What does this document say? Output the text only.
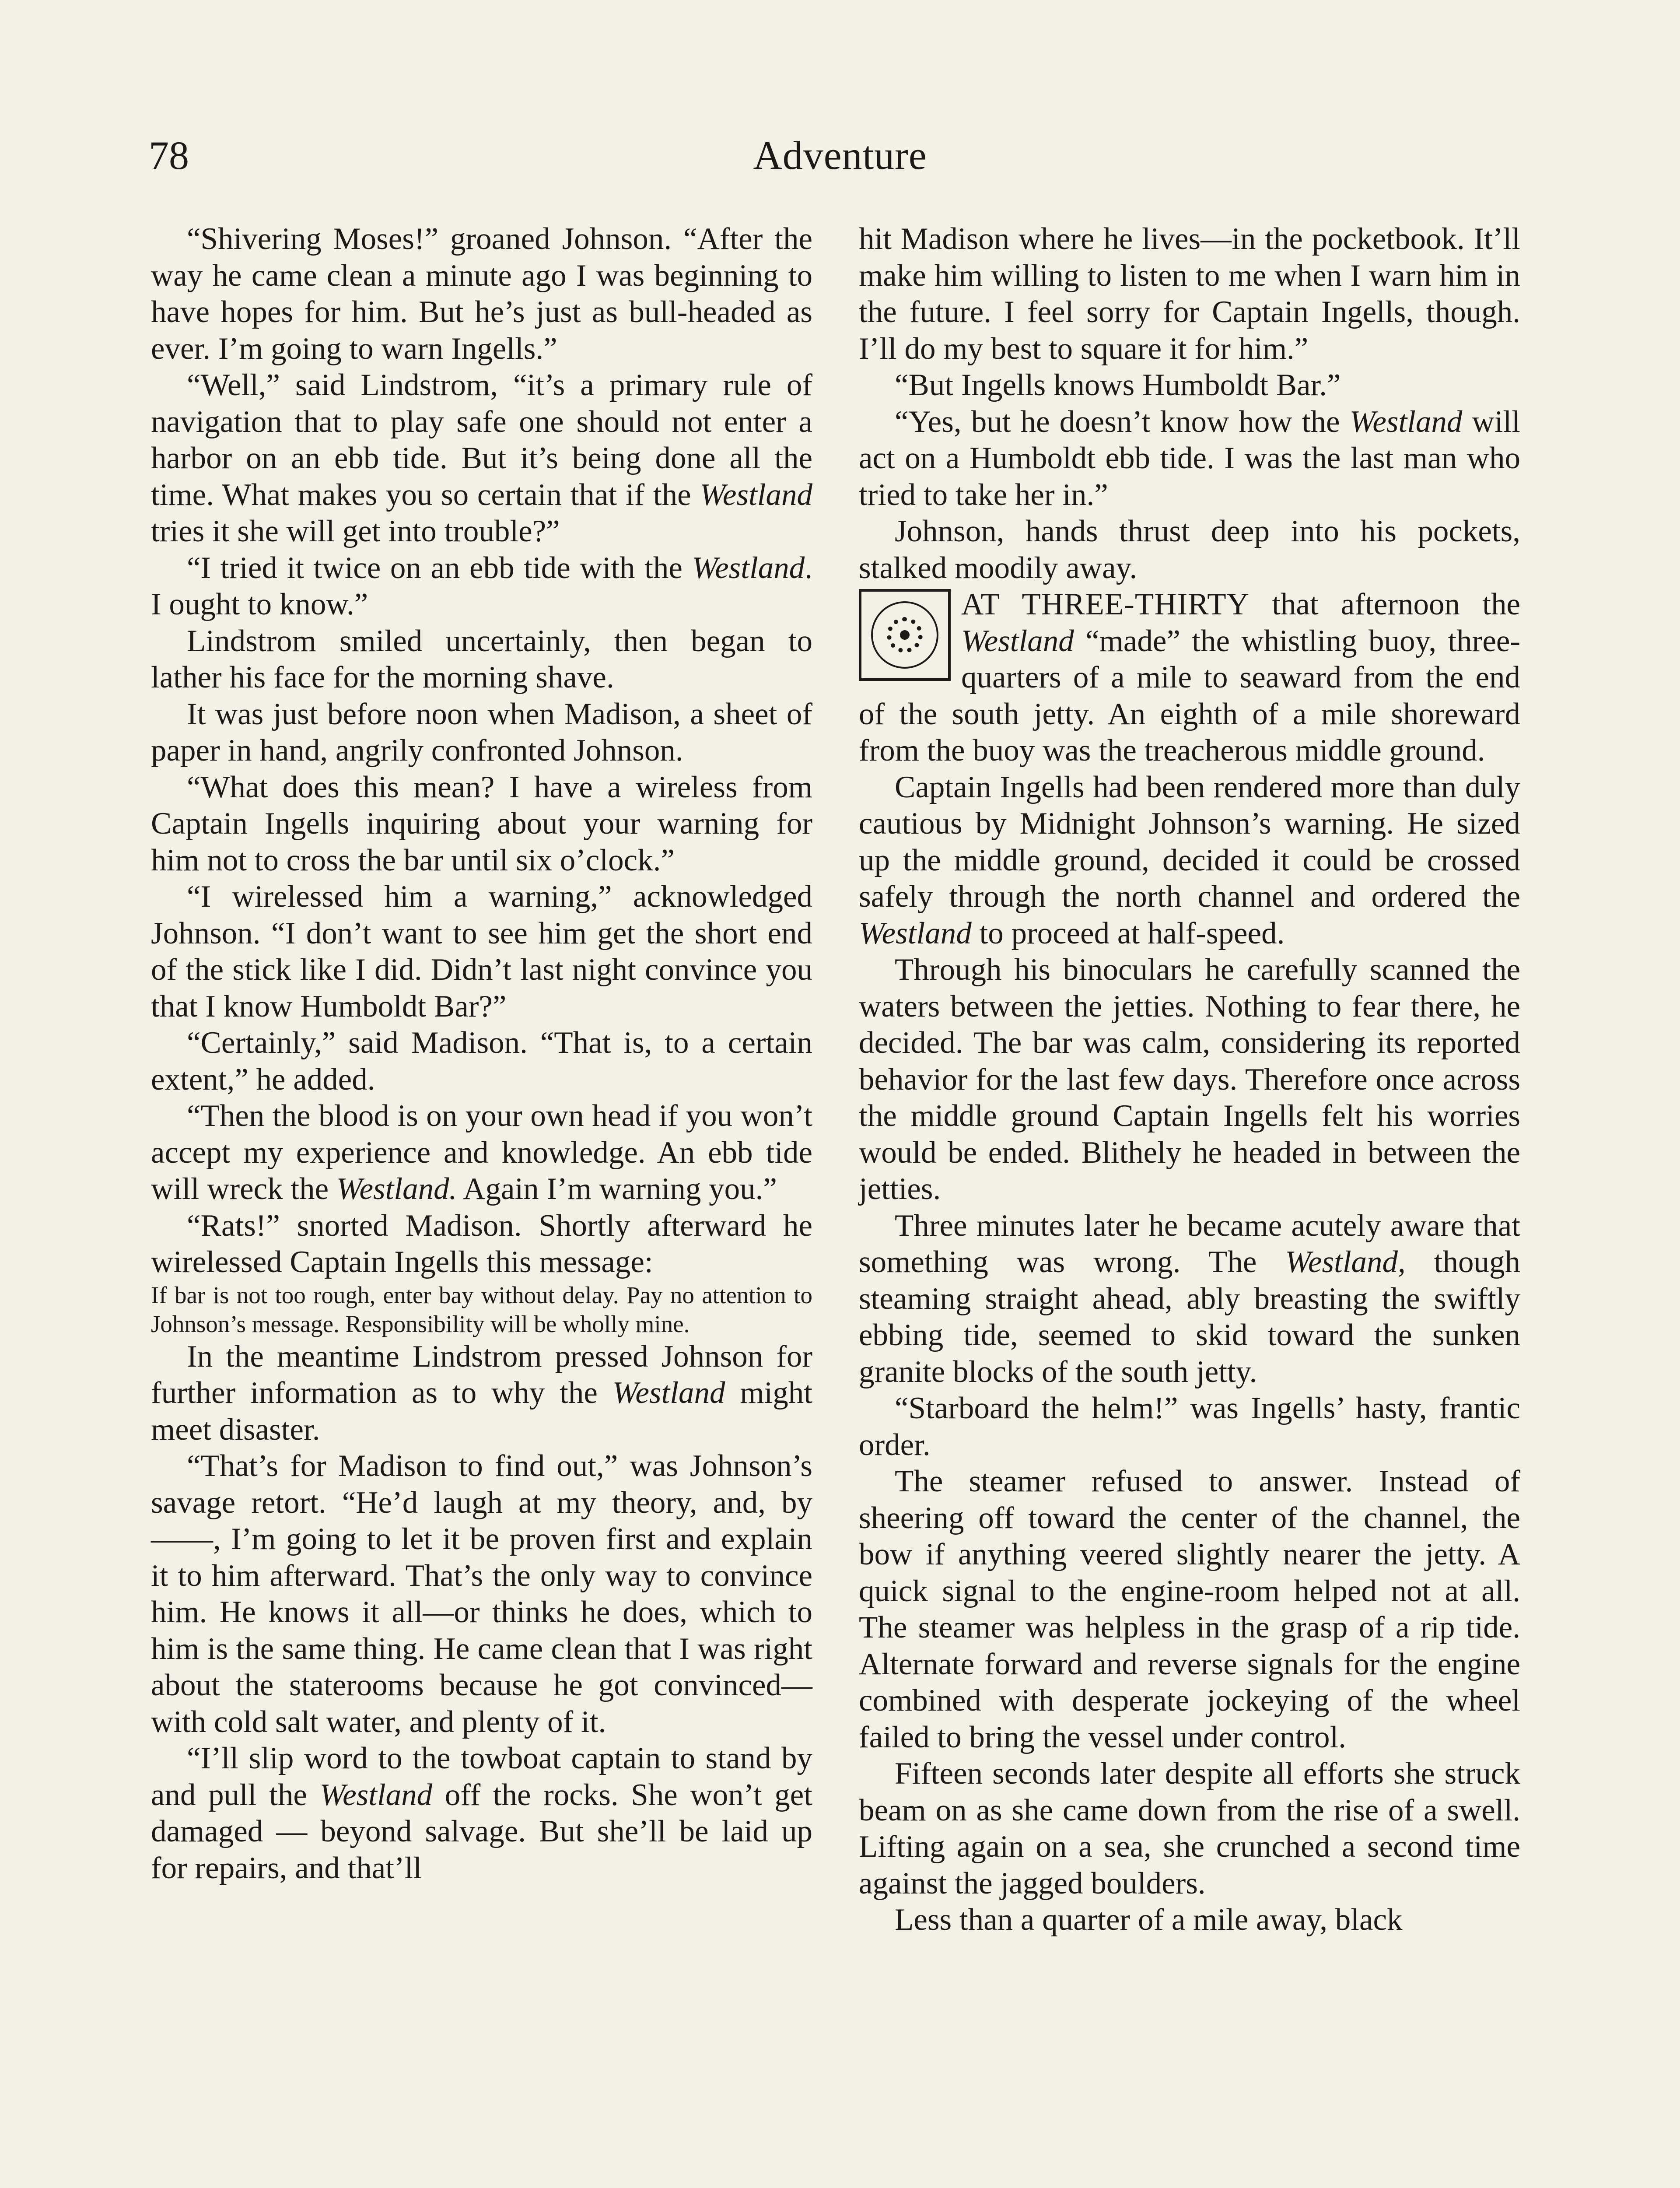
78	Adventure

“Shivering Moses!” groaned Johnson. “After the way he came clean a minute ago I was beginning to have hopes for him. But he’s just as bull-headed as ever. I’m going to warn Ingells.”

“Well,” said Lindstrom, “it’s a primary rule of navigation that to play safe one should not enter a harbor on an ebb tide. But it’s being done all the time. What makes you so certain that if the Westland tries it she will get into trouble?”

“I tried it twice on an ebb tide with the Westland. I ought to know.”

Lindstrom smiled uncertainly, then began to lather his face for the morning shave.

It was just before noon when Madison, a sheet of paper in hand, angrily confronted Johnson.

“What does this mean? I have a wireless from Captain Ingells inquiring about your warning for him not to cross the bar until six o’clock.”

“I wirelessed him a warning,” acknowledged Johnson. “I don’t want to see him get the short end of the stick like I did. Didn’t last night convince you that I know Humboldt Bar?”

“Certainly,” said Madison. “That is, to a certain extent,” he added.

“Then the blood is on your own head if you won’t accept my experience and knowledge. An ebb tide will wreck the Westland. Again I’m warning you.”

“Rats!” snorted Madison. Shortly afterward he wirelessed Captain Ingells this message:

If bar is not too rough, enter bay without delay. Pay no attention to Johnson’s message. Responsibility will be wholly mine.

In the meantime Lindstrom pressed Johnson for further information as to why the Westland might meet disaster.

“That’s for Madison to find out,” was Johnson’s savage retort. “He’d laugh at my theory, and, by ——, I’m going to let it be proven first and explain it to him afterward. That’s the only way to convince him. He knows it all—or thinks he does, which to him is the same thing. He came clean that I was right about the staterooms because he got convinced—with cold salt water, and plenty of it.

“I’ll slip word to the towboat captain to stand by and pull the Westland off the rocks. She won’t get damaged — beyond salvage. But she’ll be laid up for repairs, and that’ll

hit Madison where he lives—in the pocketbook. It’ll make him willing to listen to me when I warn him in the future. I feel sorry for Captain Ingells, though. I’ll do my best to square it for him.”

“But Ingells knows Humboldt Bar.”

“Yes, but he doesn’t know how the Westland will act on a Humboldt ebb tide. I was the last man who tried to take her in.”

Johnson, hands thrust deep into his pockets, stalked moodily away.

AT THREE-THIRTY that afternoon the Westland “made” the whistling buoy, three-quarters of a mile to seaward from the end of the south jetty. An eighth of a mile shoreward from the buoy was the treacherous middle ground.

Captain Ingells had been rendered more than duly cautious by Midnight Johnson’s warning. He sized up the middle ground, decided it could be crossed safely through the north channel and ordered the Westland to proceed at half-speed.

Through his binoculars he carefully scanned the waters between the jetties. Nothing to fear there, he decided. The bar was calm, considering its reported behavior for the last few days. Therefore once across the middle ground Captain Ingells felt his worries would be ended. Blithely he headed in between the jetties.

Three minutes later he became acutely aware that something was wrong. The Westland, though steaming straight ahead, ably breasting the swiftly ebbing tide, seemed to skid toward the sunken granite blocks of the south jetty.

“Starboard the helm!” was Ingells’ hasty, frantic order.

The steamer refused to answer. Instead of sheering off toward the center of the channel, the bow if anything veered slightly nearer the jetty. A quick signal to the engine-room helped not at all. The steamer was helpless in the grasp of a rip tide. Alternate forward and reverse signals for the engine combined with desperate jockeying of the wheel failed to bring the vessel under control.

Fifteen seconds later despite all efforts she struck beam on as she came down from the rise of a swell. Lifting again on a sea, she crunched a second time against the jagged boulders.

Less than a quarter of a mile away, black
